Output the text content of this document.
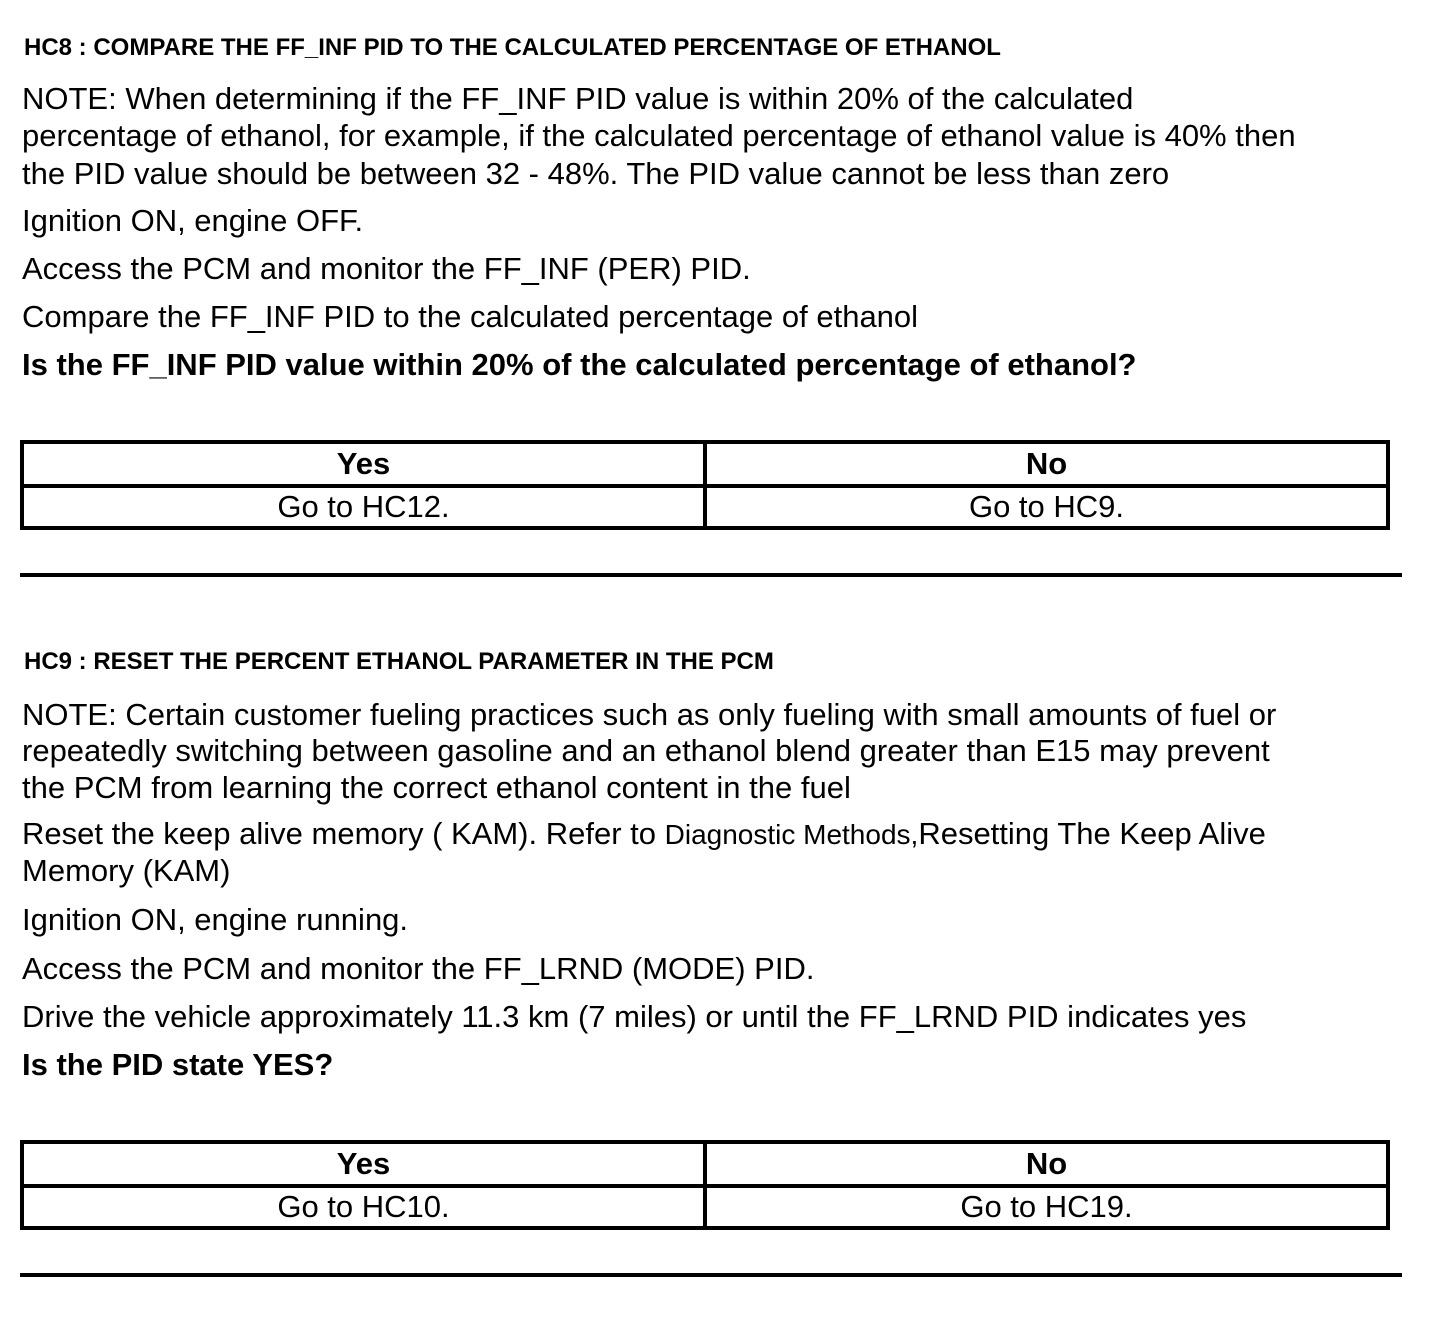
HC8 : COMPARE THE FF_INF PID TO THE CALCULATED PERCENTAGE OF ETHANOL
NOTE: When determining if the FF_INF PID value is within 20% of the calculated
percentage of ethanol, for example, if the calculated percentage of ethanol value is 40% then
the PID value should be between 32 - 48%. The PID value cannot be less than zero
Ignition ON, engine OFF.
Access the PCM and monitor the FF_INF (PER) PID.
Compare the FF_INF PID to the calculated percentage of ethanol
Is the FF_INF PID value within 20% of the calculated percentage of ethanol?
Yes	No
Go to HC12.	Go to HC9.
HC9 : RESET THE PERCENT ETHANOL PARAMETER IN THE PCM
NOTE: Certain customer fueling practices such as only fueling with small amounts of fuel or
repeatedly switching between gasoline and an ethanol blend greater than E15 may prevent
the PCM from learning the correct ethanol content in the fuel
Reset the keep alive memory ( KAM). Refer to Diagnostic Methods,Resetting The Keep Alive
Memory (KAM)
Ignition ON, engine running.
Access the PCM and monitor the FF_LRND (MODE) PID.
Drive the vehicle approximately 11.3 km (7 miles) or until the FF_LRND PID indicates yes
Is the PID state YES?
Yes	No
Go to HC10.	Go to HC19.
